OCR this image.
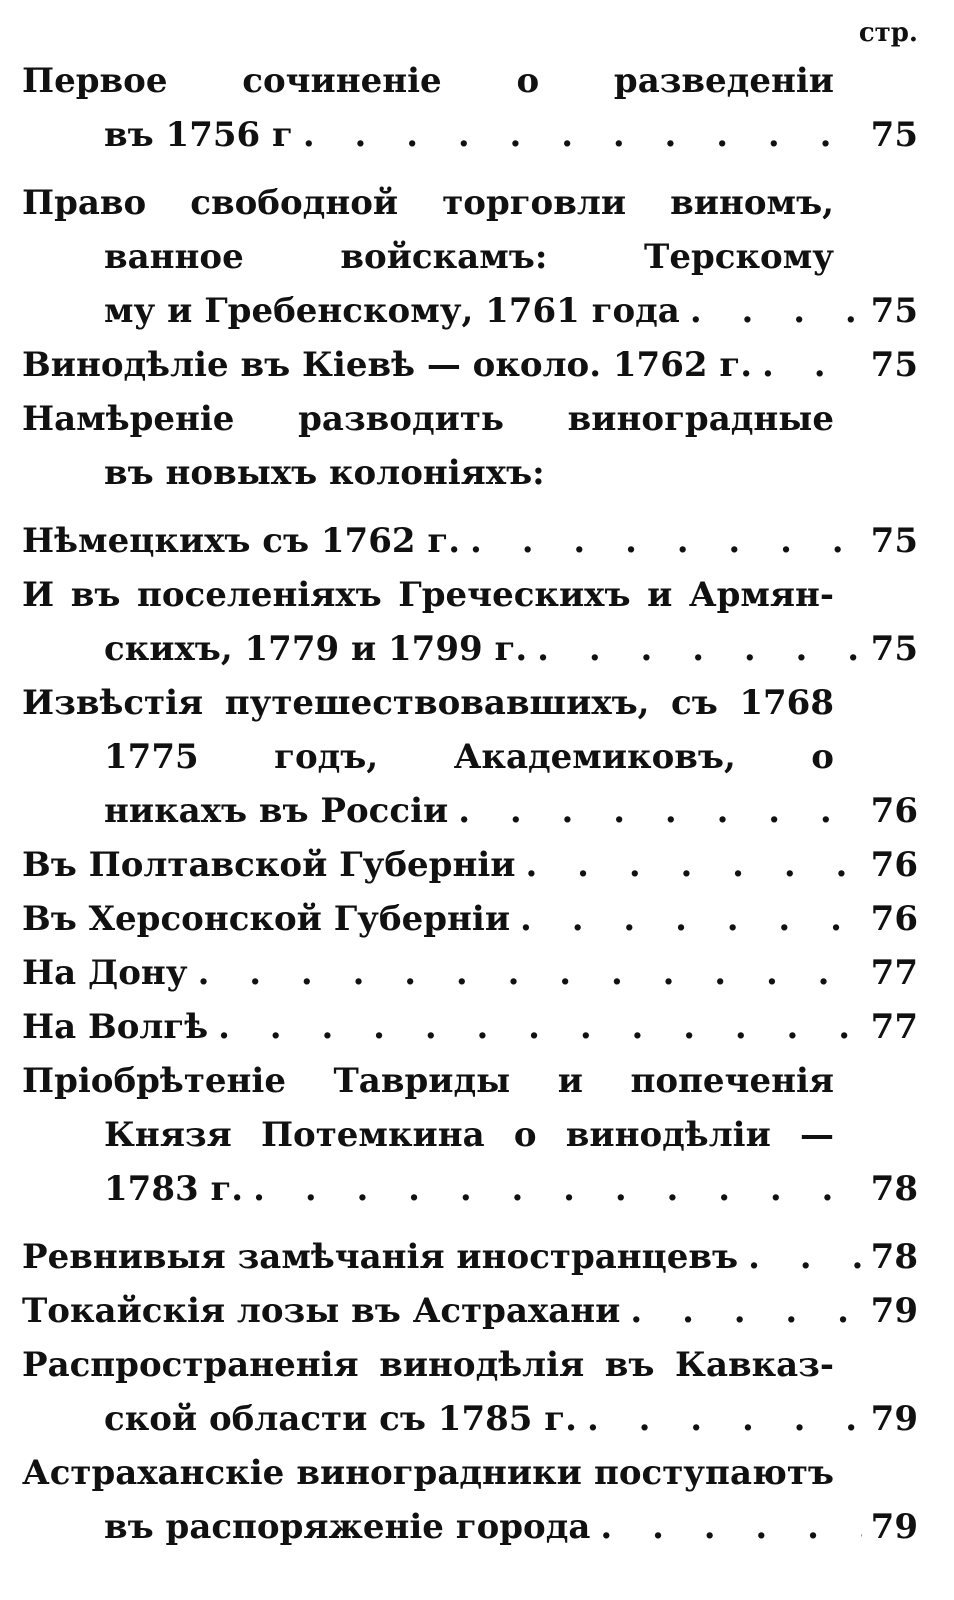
стр.
Первое сочиненіе о разведеніи
въ 1756 г . . .	75
Право свободной торговли виномъ,
ванное войскамъ: Терскому
му и Гребенскому, 1761 года . . .	75
Винодѣліе въ Кіевѣ — около. 1762 г. . . .	75
Намѣреніе разводить виноградные
въ новыхъ колоніяхъ:
Нѣмецкихъ съ 1762 г. . . .	75
И въ поселеніяхъ Греческихъ и Армян-
скихъ, 1779 и 1799 г. . . .	75
Извѣстія путешествовавшихъ, съ 1768
1775 годъ, Академиковъ, о
никахъ въ Россіи . . .	76
Въ Полтавской Губерніи . . .	76
Въ Херсонской Губерніи . . .	76
На Дону . . .	77
На Волгѣ . . .	77
Пріобрѣтеніе Тавриды и попеченія
Князя Потемкина о винодѣліи —
1783 г. . . .	78
Ревнивыя замѣчанія иностранцевъ . . .	78
Токайскія лозы въ Астрахани . . .	79
Распространенія винодѣлія въ Кавказ-
ской области съ 1785 г. . . .	79
Астраханскіе виноградники поступаютъ
въ распоряженіе города . . .	79
